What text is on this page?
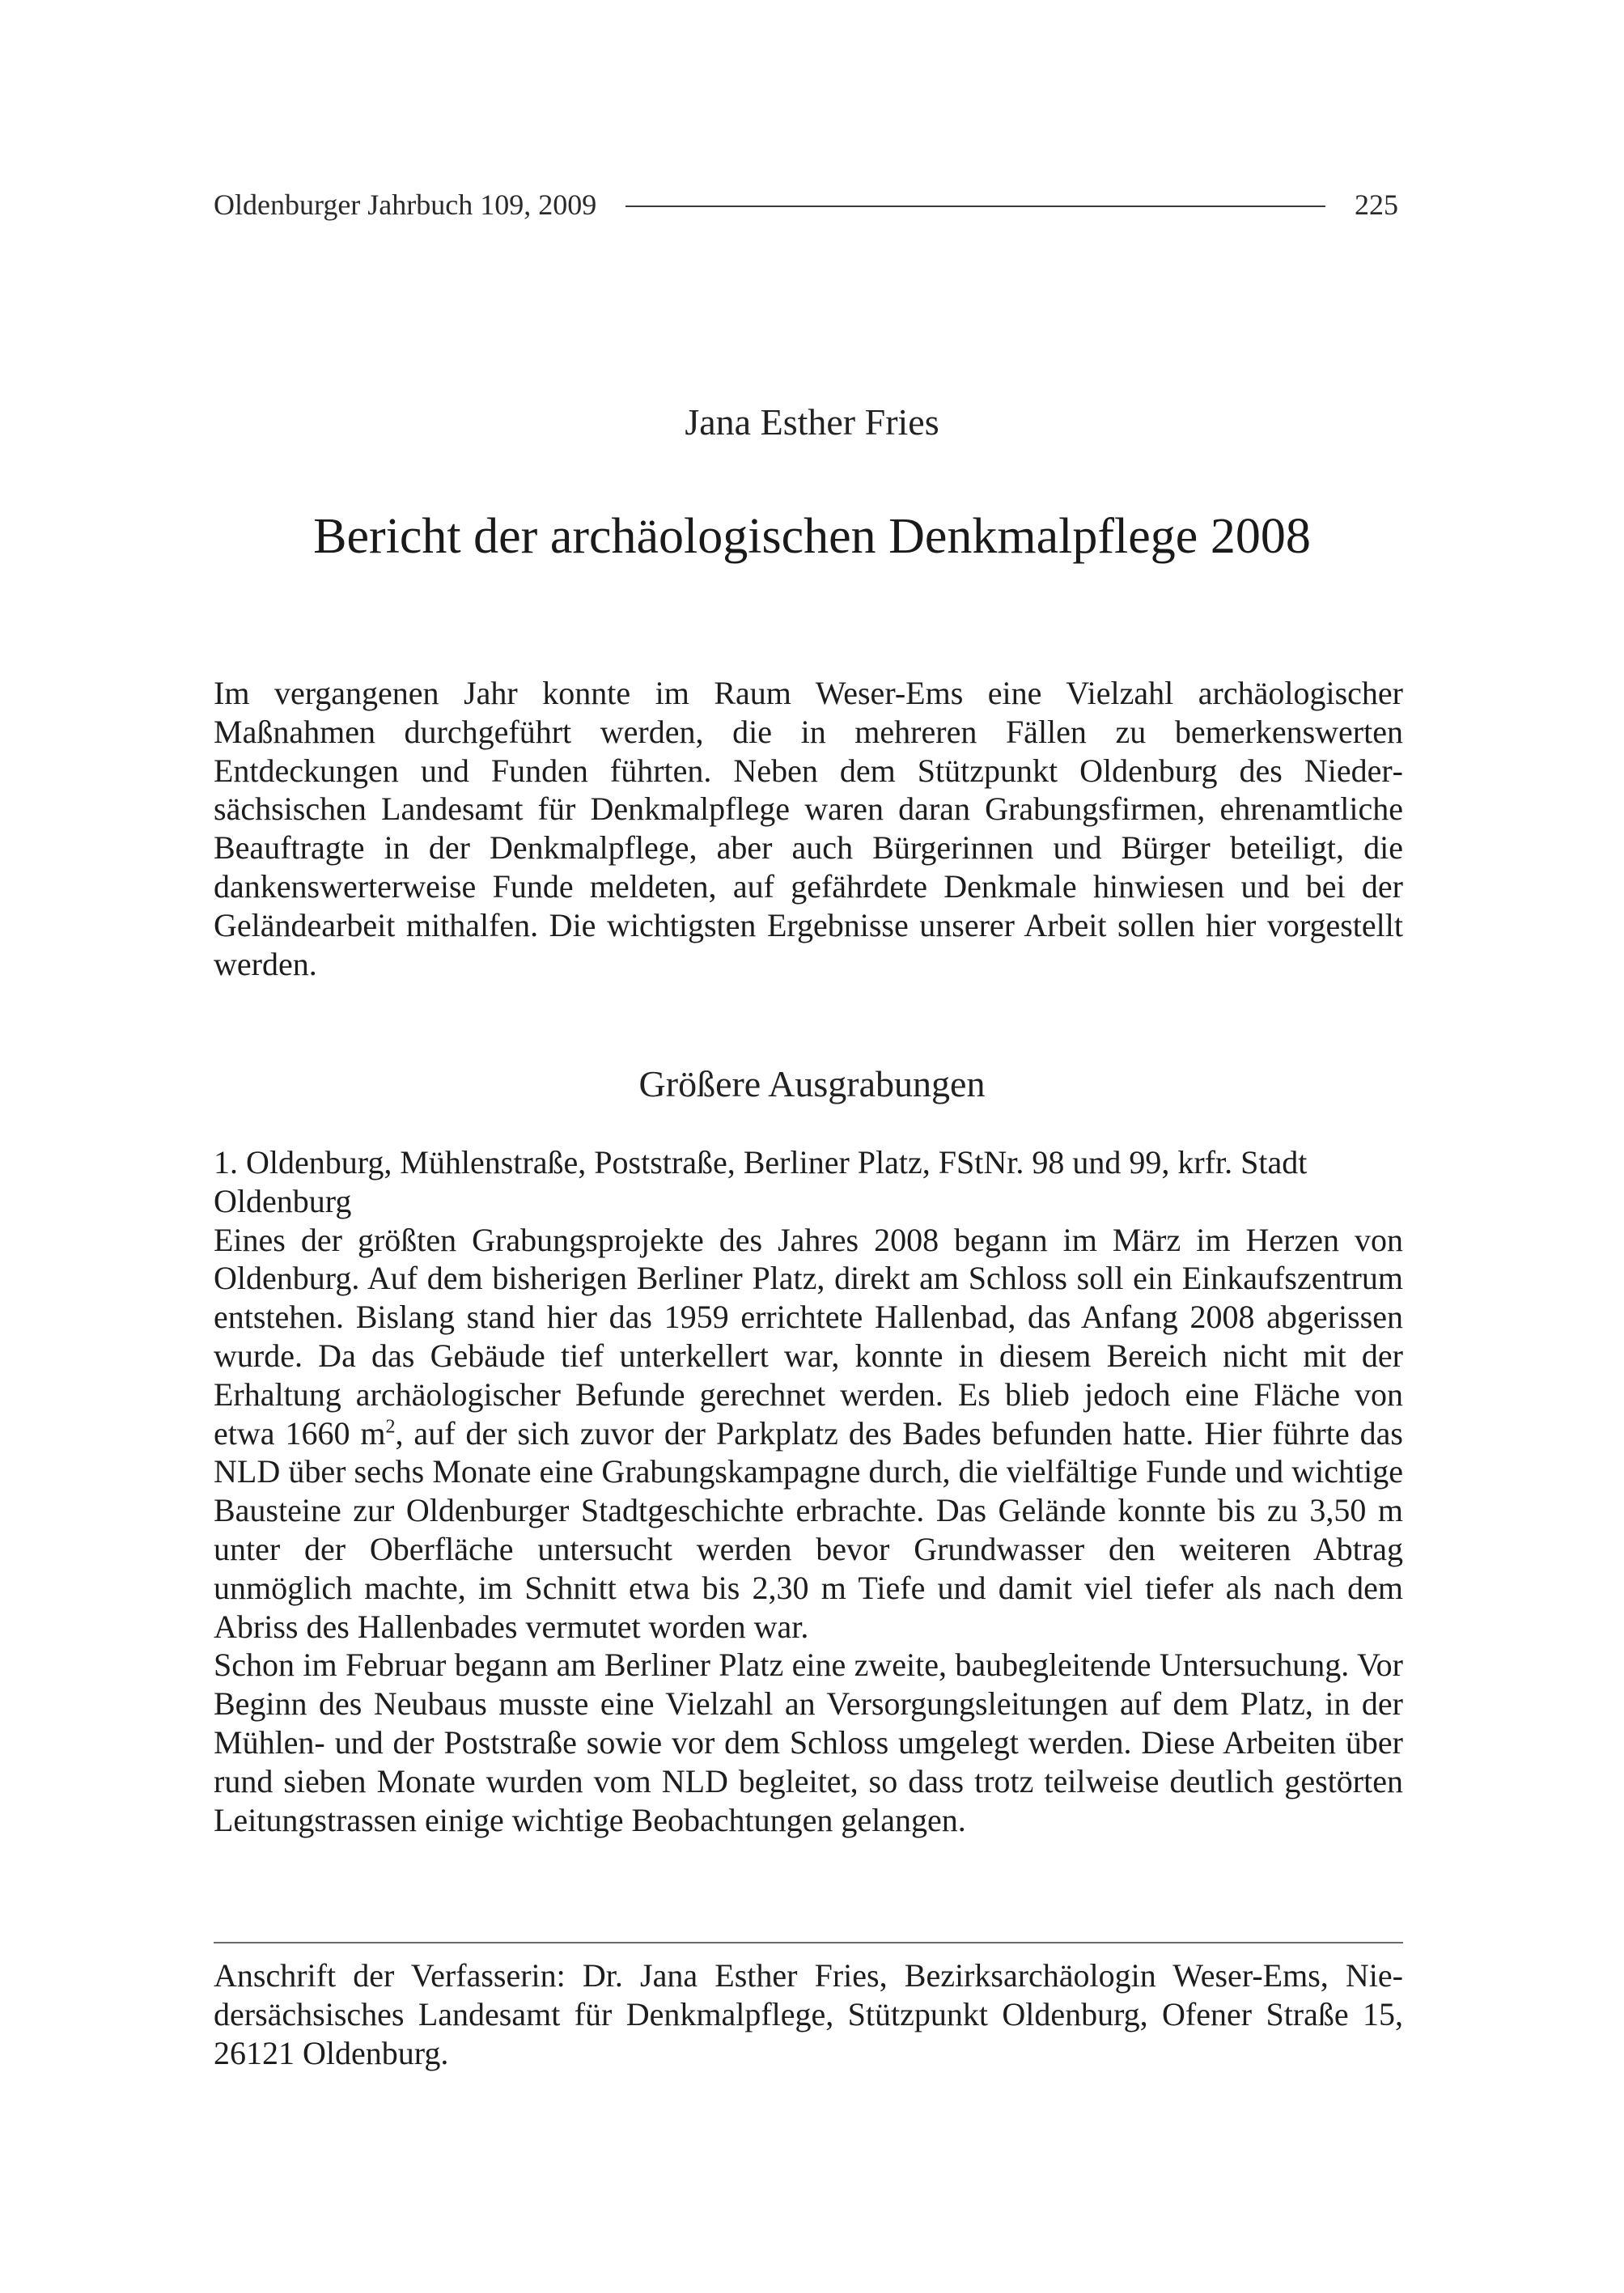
Oldenburger Jahrbuch 109, 2009	225
Jana Esther Fries
Bericht der archäologischen Denkmalpflege 2008

Im vergangenen Jahr konnte im Raum Weser-Ems eine Vielzahl archäologischer Maßnahmen durchgeführt werden, die in mehreren Fällen zu bemerkenswerten Entdeckungen und Funden führten. Neben dem Stützpunkt Oldenburg des Niedersächsischen Landesamt für Denkmalpflege waren daran Grabungsfirmen, ehrenamtliche Beauftragte in der Denkmalpflege, aber auch Bürgerinnen und Bürger beteiligt, die dankenswerterweise Funde meldeten, auf gefährdete Denkmale hinwiesen und bei der Geländearbeit mithalfen. Die wichtigsten Ergebnisse unserer Arbeit sollen hier vorgestellt werden.

Größere Ausgrabungen

1. Oldenburg, Mühlenstraße, Poststraße, Berliner Platz, FStNr. 98 und 99, krfr. Stadt Oldenburg

Eines der größten Grabungsprojekte des Jahres 2008 begann im März im Herzen von Oldenburg. Auf dem bisherigen Berliner Platz, direkt am Schloss soll ein Einkaufszentrum entstehen. Bislang stand hier das 1959 errichtete Hallenbad, das Anfang 2008 abgerissen wurde. Da das Gebäude tief unterkellert war, konnte in diesem Bereich nicht mit der Erhaltung archäologischer Befunde gerechnet werden. Es blieb jedoch eine Fläche von etwa 1660 $m^2$, auf der sich zuvor der Parkplatz des Bades befunden hatte. Hier führte das NLD über sechs Monate eine Grabungskampagne durch, die vielfältige Funde und wichtige Bausteine zur Oldenburger Stadtgeschichte erbrachte. Das Gelände konnte bis zu 3,50 m unter der Oberfläche untersucht werden bevor Grundwasser den weiteren Abtrag unmöglich machte, im Schnitt etwa bis 2,30 m Tiefe und damit viel tiefer als nach dem Abriss des Hallenbades vermutet worden war.

Schon im Februar begann am Berliner Platz eine zweite, baubegleitende Untersuchung. Vor Beginn des Neubaus musste eine Vielzahl an Versorgungsleitungen auf dem Platz, in der Mühlen- und der Poststraße sowie vor dem Schloss umgelegt werden. Diese Arbeiten über rund sieben Monate wurden vom NLD begleitet, so dass trotz teilweise deutlich gestörten Leitungstrassen einige wichtige Beobachtungen gelangen.

Anschrift der Verfasserin: Dr. Jana Esther Fries, Bezirksarchäologin Weser-Ems, Niedersächsisches Landesamt für Denkmalpflege, Stützpunkt Oldenburg, Ofener Straße 15, 26121 Oldenburg.
